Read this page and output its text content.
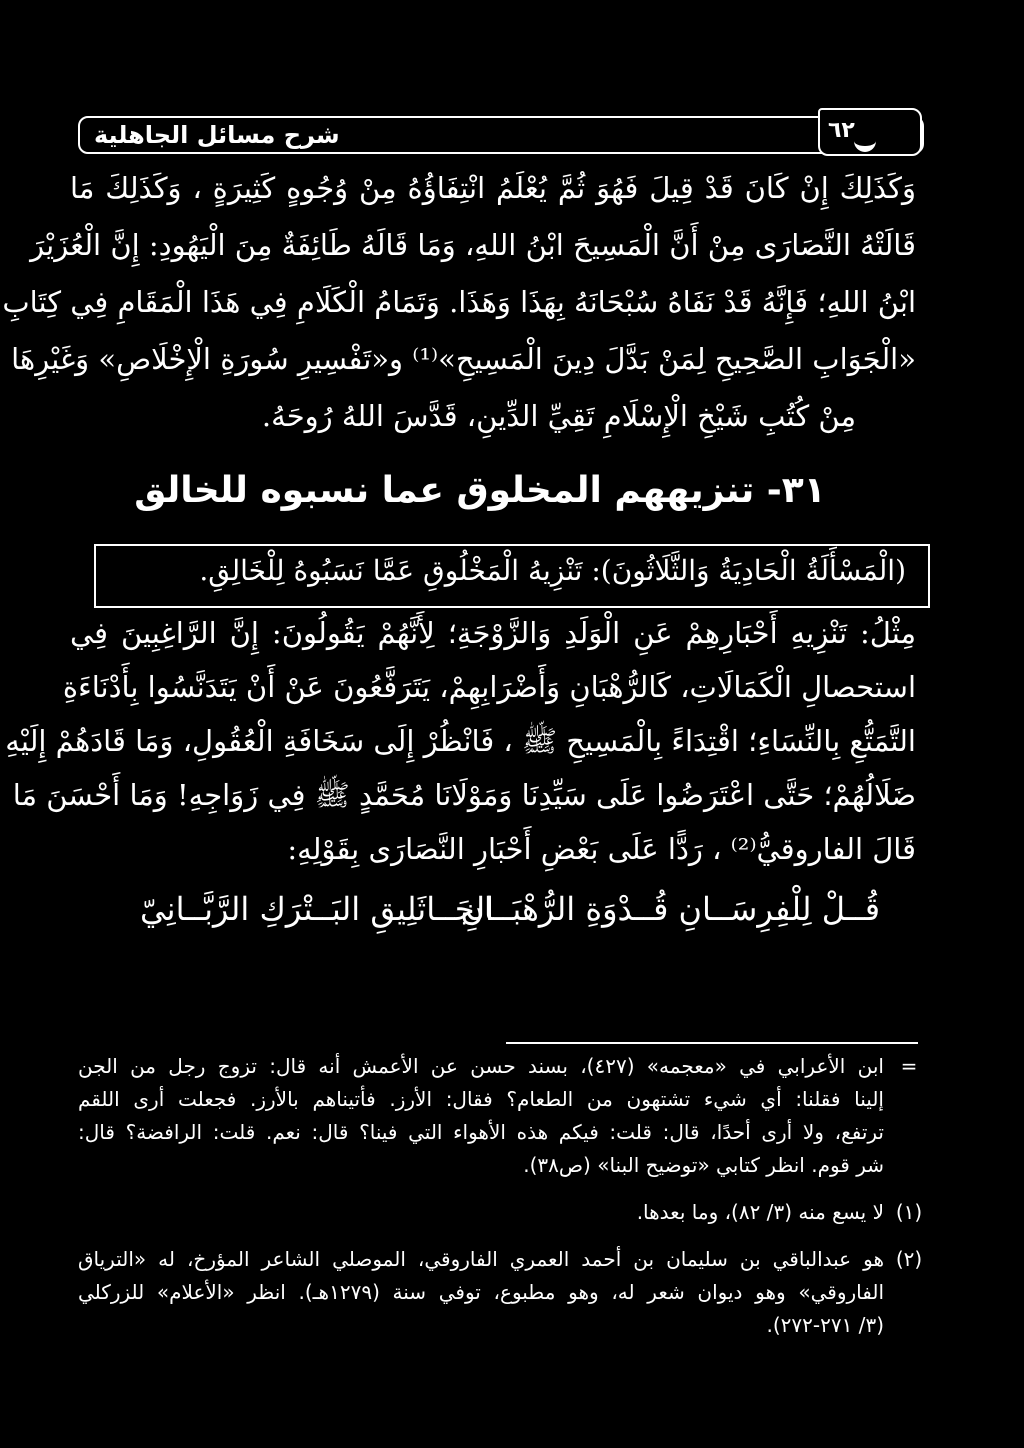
شرح مسائل الجاهلية	٦٢
وَكَذَلِكَ إِنْ كَانَ قَدْ قِيلَ فَهُوَ ثُمَّ يُعْلَمُ انْتِفَاؤُهُ مِنْ وُجُوهٍ كَثِيرَةٍ ، وَكَذَلِكَ مَا
قَالَتْهُ النَّصَارَى مِنْ أَنَّ الْمَسِيحَ ابْنُ اللهِ، وَمَا قَالَهُ طَائِفَةٌ مِنَ الْيَهُودِ: إِنَّ الْعُزَيْرَ
ابْنُ اللهِ؛ فَإِنَّهُ قَدْ نَفَاهُ سُبْحَانَهُ بِهَذَا وَهَذَا. وَتَمَامُ الْكَلَامِ فِي هَذَا الْمَقَامِ فِي كِتَابِ
«الْجَوَابِ الصَّحِيحِ لِمَنْ بَدَّلَ دِينَ الْمَسِيحِ»⁽¹⁾ و«تَفْسِيرِ سُورَةِ الْإِخْلَاصِ» وَغَيْرِهَا
مِنْ كُتُبِ شَيْخِ الْإِسْلَامِ تَقِيِّ الدِّينِ، قَدَّسَ اللهُ رُوحَهُ.
٣١- تنزيههم المخلوق عما نسبوه للخالق
(الْمَسْأَلَةُ الْحَادِيَةُ وَالثَّلَاثُونَ): تَنْزِيهُ الْمَخْلُوقِ عَمَّا نَسَبُوهُ لِلْخَالِقِ.
مِثْلُ: تَنْزِيهِ أَحْبَارِهِمْ عَنِ الْوَلَدِ وَالزَّوْجَةِ؛ لِأَنَّهُمْ يَقُولُونَ: إِنَّ الرَّاغِبِينَ فِي
استحصالِ الْكَمَالَاتِ، كَالرُّهْبَانِ وَأَضْرَابِهِمْ، يَتَرَفَّعُونَ عَنْ أَنْ يَتَدَنَّسُوا بِأَدْنَاءَةِ
التَّمَتُّعِ بِالنِّسَاءِ؛ اقْتِدَاءً بِالْمَسِيحِ ﷺ ، فَانْظُرْ إِلَى سَخَافَةِ الْعُقُولِ، وَمَا قَادَهُمْ إِلَيْهِ
ضَلَالُهُمْ؛ حَتَّى اعْتَرَضُوا عَلَى سَيِّدِنَا وَمَوْلَانَا مُحَمَّدٍ ﷺ فِي زَوَاجِهِ! وَمَا أَحْسَنَ مَا
قَالَ الفاروقيُّ⁽²⁾ ، رَدًّا عَلَى بَعْضِ أَحْبَارِ النَّصَارَى بِقَوْلِهِ:
قُــلْ لِلْفِرِسَــانِ قُــدْوَةِ الرُّهْبَــانِ
الجَــاثَلِيقِ البَــتْرَكِ الرَّبَّــانِيّ
=
ابن الأعرابي في «معجمه» (٤٢٧)، بسند حسن عن الأعمش أنه قال: تزوج رجل من الجن
إلينا فقلنا: أي شيء تشتهون من الطعام؟ فقال: الأرز. فأتيناهم بالأرز. فجعلت أرى اللقم
ترتفع، ولا أرى أحدًا، قال: قلت: فيكم هذه الأهواء التي فينا؟ قال: نعم. قلت: الرافضة؟ قال:
شر قوم. انظر كتابي «توضيح البنا» (ص٣٨).
(١)
لا يسع منه (٣/ ٨٢)، وما بعدها.
(٢)
هو عبدالباقي بن سليمان بن أحمد العمري الفاروقي، الموصلي الشاعر المؤرخ، له «الترياق
الفاروقي» وهو ديوان شعر له، وهو مطبوع، توفي سنة (١٢٧٩هـ). انظر «الأعلام» للزركلي
(٣/ ٢٧١-٢٧٢).
